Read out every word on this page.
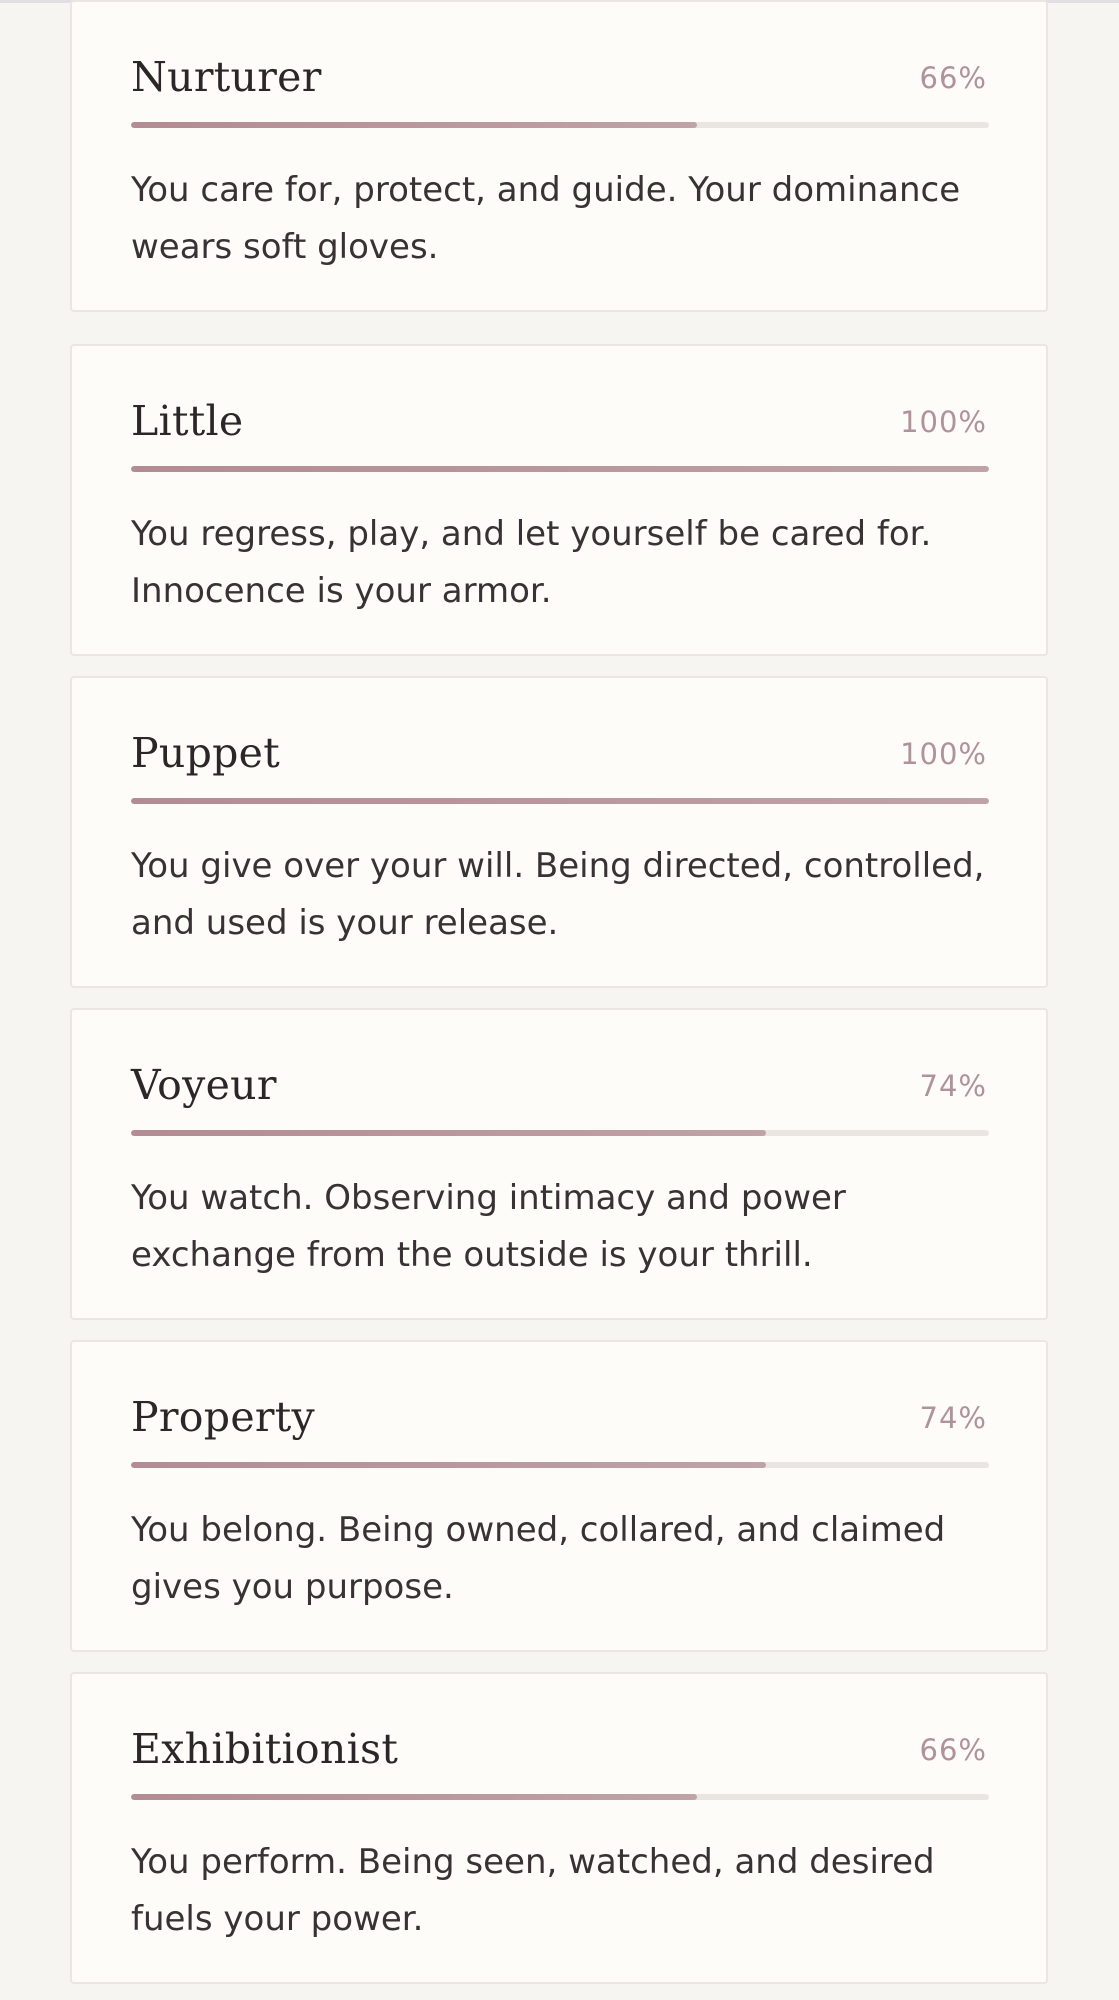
Little	100%

You regress, play, and let yourself be cared for. Innocence is your armor.

Puppet	100%

You give over your will. Being directed, controlled, and used is your release.

Voyeur	74%

You watch. Observing intimacy and power exchange from the outside is your thrill.

Property	74%

You belong. Being owned, collared, and claimed gives you purpose.

Exhibitionist	66%

You perform. Being seen, watched, and desired fuels your power.

Nurturer	66%

You care for, protect, and guide. Your dominance wears soft gloves.
